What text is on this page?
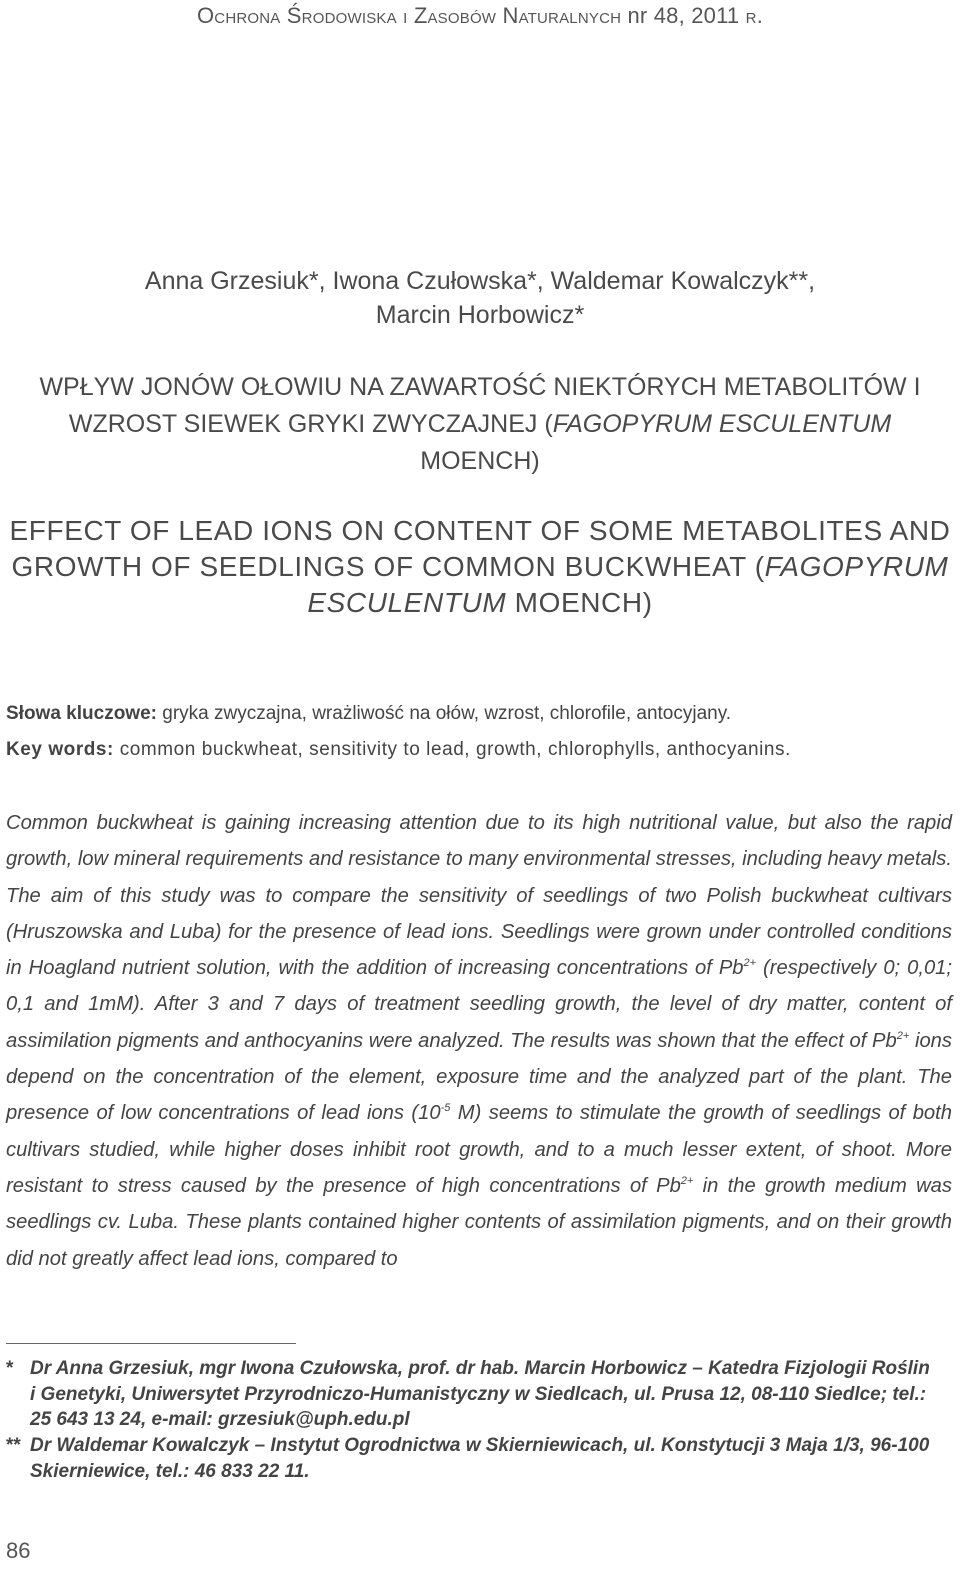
Ochrona Środowiska i Zasobów Naturalnych nr 48, 2011 r.
Anna Grzesiuk*, Iwona Czułowska*, Waldemar Kowalczyk**,
Marcin Horbowicz*
WPŁYW JONÓW OŁOWIU NA ZAWARTOŚĆ NIEKTÓRYCH METABOLITÓW I WZROST SIEWEK GRYKI ZWYCZAJNEJ (FAGOPYRUM ESCULENTUM MOENCH)
EFFECT OF LEAD IONS ON CONTENT OF SOME METABOLITES AND GROWTH OF SEEDLINGS OF COMMON BUCKWHEAT (FAGOPYRUM ESCULENTUM MOENCH)
Słowa kluczowe: gryka zwyczajna, wrażliwość na ołów, wzrost, chlorofile, antocyjany.
Key words: common buckwheat, sensitivity to lead, growth, chlorophylls, anthocyanins.

Common buckwheat is gaining increasing attention due to its high nutritional value, but also the rapid growth, low mineral requirements and resistance to many environmental stresses, including heavy metals. The aim of this study was to compare the sensitivity of seedlings of two Polish buckwheat cultivars (Hruszowska and Luba) for the presence of lead ions. Seedlings were grown under controlled conditions in Hoagland nutrient solution, with the addition of increasing concentrations of $Pb^{2+}$ (respectively 0; 0,01; 0,1 and 1mM). After 3 and 7 days of treatment seedling growth, the level of dry matter, content of assimilation pigments and anthocyanins were analyzed. The results was shown that the effect of $Pb^{2+}$ ions depend on the concentration of the element, exposure time and the analyzed part of the plant. The presence of low concentrations of lead ions ($10^{-5}$ M) seems to stimulate the growth of seedlings of both cultivars studied, while higher doses inhibit root growth, and to a much lesser extent, of shoot. More resistant to stress caused by the presence of high concentrations of $Pb^{2+}$ in the growth medium was seedlings cv. Luba. These plants contained higher contents of assimilation pigments, and on their growth did not greatly affect lead ions, compared to

* Dr Anna Grzesiuk, mgr Iwona Czułowska, prof. dr hab. Marcin Horbowicz – Katedra Fizjologii Roślin i Genetyki, Uniwersytet Przyrodniczo-Humanistyczny w Siedlcach, ul. Prusa 12, 08-110 Siedlce; tel.: 25 643 13 24, e-mail: grzesiuk@uph.edu.pl
** Dr Waldemar Kowalczyk – Instytut Ogrodnictwa w Skierniewicach, ul. Konstytucji 3 Maja 1/3, 96-100 Skierniewice, tel.: 46 833 22 11.
86
